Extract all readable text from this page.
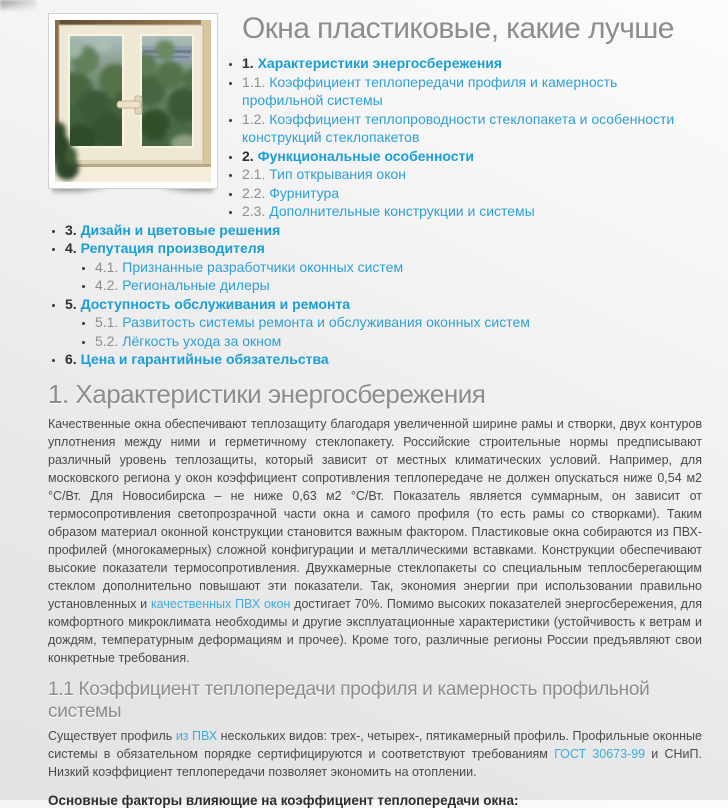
Окна пластиковые, какие лучше
• 1. Характеристики энергосбережения
• 1.1. Коэффициент теплопередачи профиля и камерность профильной системы
• 1.2. Коэффициент теплопроводности стеклопакета и особенности конструкций стеклопакетов
• 2. Функциональные особенности
• 2.1. Тип открывания окон
• 2.2. Фурнитура
• 2.3. Дополнительные конструкции и системы
• 3. Дизайн и цветовые решения
• 4. Репутация производителя
• 4.1. Признанные разработчики оконных систем
• 4.2. Региональные дилеры
• 5. Доступность обслуживания и ремонта
• 5.1. Развитость системы ремонта и обслуживания оконных систем
• 5.2. Лёгкость ухода за окном
• 6. Цена и гарантийные обязательства
1. Характеристики энергосбережения

Качественные окна обеспечивают теплозащиту благодаря увеличенной ширине рамы и створки, двух контуров уплотнения между ними и герметичному стеклопакету. Российские строительные нормы предписывают различный уровень теплозащиты, который зависит от местных климатических условий. Например, для московского региона у окон коэффициент сопротивления теплопередаче не должен опускаться ниже 0,54 м2 °С/Вт. Для Новосибирска – не ниже 0,63 м2 °С/Вт. Показатель является суммарным, он зависит от термосопротивления светопрозрачной части окна и самого профиля (то есть рамы со створками). Таким образом материал оконной конструкции становится важным фактором. Пластиковые окна собираются из ПВХ-профилей (многокамерных) сложной конфигурации и металлическими вставками. Конструкции обеспечивают высокие показатели термосопротивления. Двухкамерные стеклопакеты со специальным теплосберегающим стеклом дополнительно повышают эти показатели. Так, экономия энергии при использовании правильно установленных и качественных ПВХ окон достигает 70%. Помимо высоких показателей энергосбережения, для комфортного микроклимата необходимы и другие эксплуатационные характеристики (устойчивость к ветрам и дождям, температурным деформациям и прочее). Кроме того, различные регионы России предъявляют свои конкретные требования.

1.1 Коэффициент теплопередачи профиля и камерность профильной системы

Существует профиль из ПВХ нескольких видов: трех-, четырех-, пятикамерный профиль. Профильные оконные системы в обязательном порядке сертифицируются и соответствуют требованиям ГОСТ 30673-99 и СНиП. Низкий коэффициент теплопередачи позволяет экономить на отоплении.

Основные факторы влияющие на коэффициент теплопередачи окна:
